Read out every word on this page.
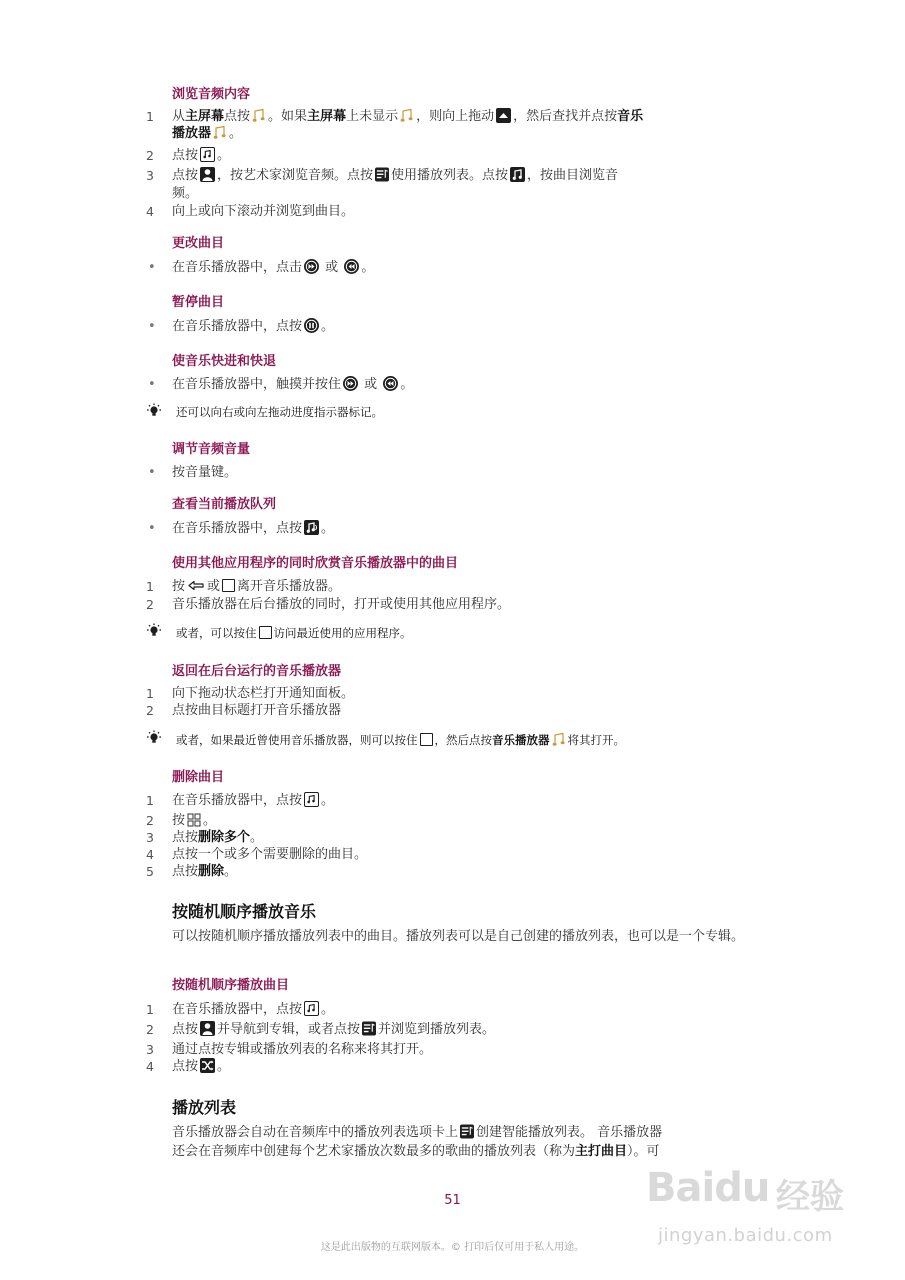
浏览音频内容
1	从主屏幕点按 。如果主屏幕上未显示 ，则向上拖动 ，然后查找并点按音乐
播放器 。
2	点按 。
3	点按 ，按艺术家浏览音频。点按 使用播放列表。点按 ，按曲目浏览音
频。
4	向上或向下滚动并浏览到曲目。
更改曲目
• 在音乐播放器中，点击 或 。
暂停曲目
• 在音乐播放器中，点按 。
使音乐快进和快退
• 在音乐播放器中，触摸并按住 或 。
还可以向右或向左拖动进度指示器标记。
调节音频音量
• 按音量键。
查看当前播放队列
• 在音乐播放器中，点按 。
使用其他应用程序的同时欣赏音乐播放器中的曲目
1	按 或 离开音乐播放器。
2	音乐播放器在后台播放的同时，打开或使用其他应用程序。
或者，可以按住 访问最近使用的应用程序。
返回在后台运行的音乐播放器
1	向下拖动状态栏打开通知面板。
2	点按曲目标题打开音乐播放器
或者，如果最近曾使用音乐播放器，则可以按住 ，然后点按音乐播放器 将其打开。
删除曲目
1	在音乐播放器中，点按 。
2	按 。
3	点按删除多个。
4	点按一个或多个需要删除的曲目。
5	点按删除。
按随机顺序播放音乐
可以按随机顺序播放播放列表中的曲目。播放列表可以是自己创建的播放列表，也可以是一个专辑。
按随机顺序播放曲目
1	在音乐播放器中，点按 。
2	点按 并导航到专辑，或者点按 并浏览到播放列表。
3	通过点按专辑或播放列表的名称来将其打开。
4	点按 。
播放列表
音乐播放器会自动在音频库中的播放列表选项卡上 创建智能播放列表。 音乐播放器
还会在音频库中创建每个艺术家播放次数最多的歌曲的播放列表（称为主打曲目）。可
51
这是此出版物的互联网版本。© 打印后仅可用于私人用途。
Baidu 经验
jingyan.baidu.com
